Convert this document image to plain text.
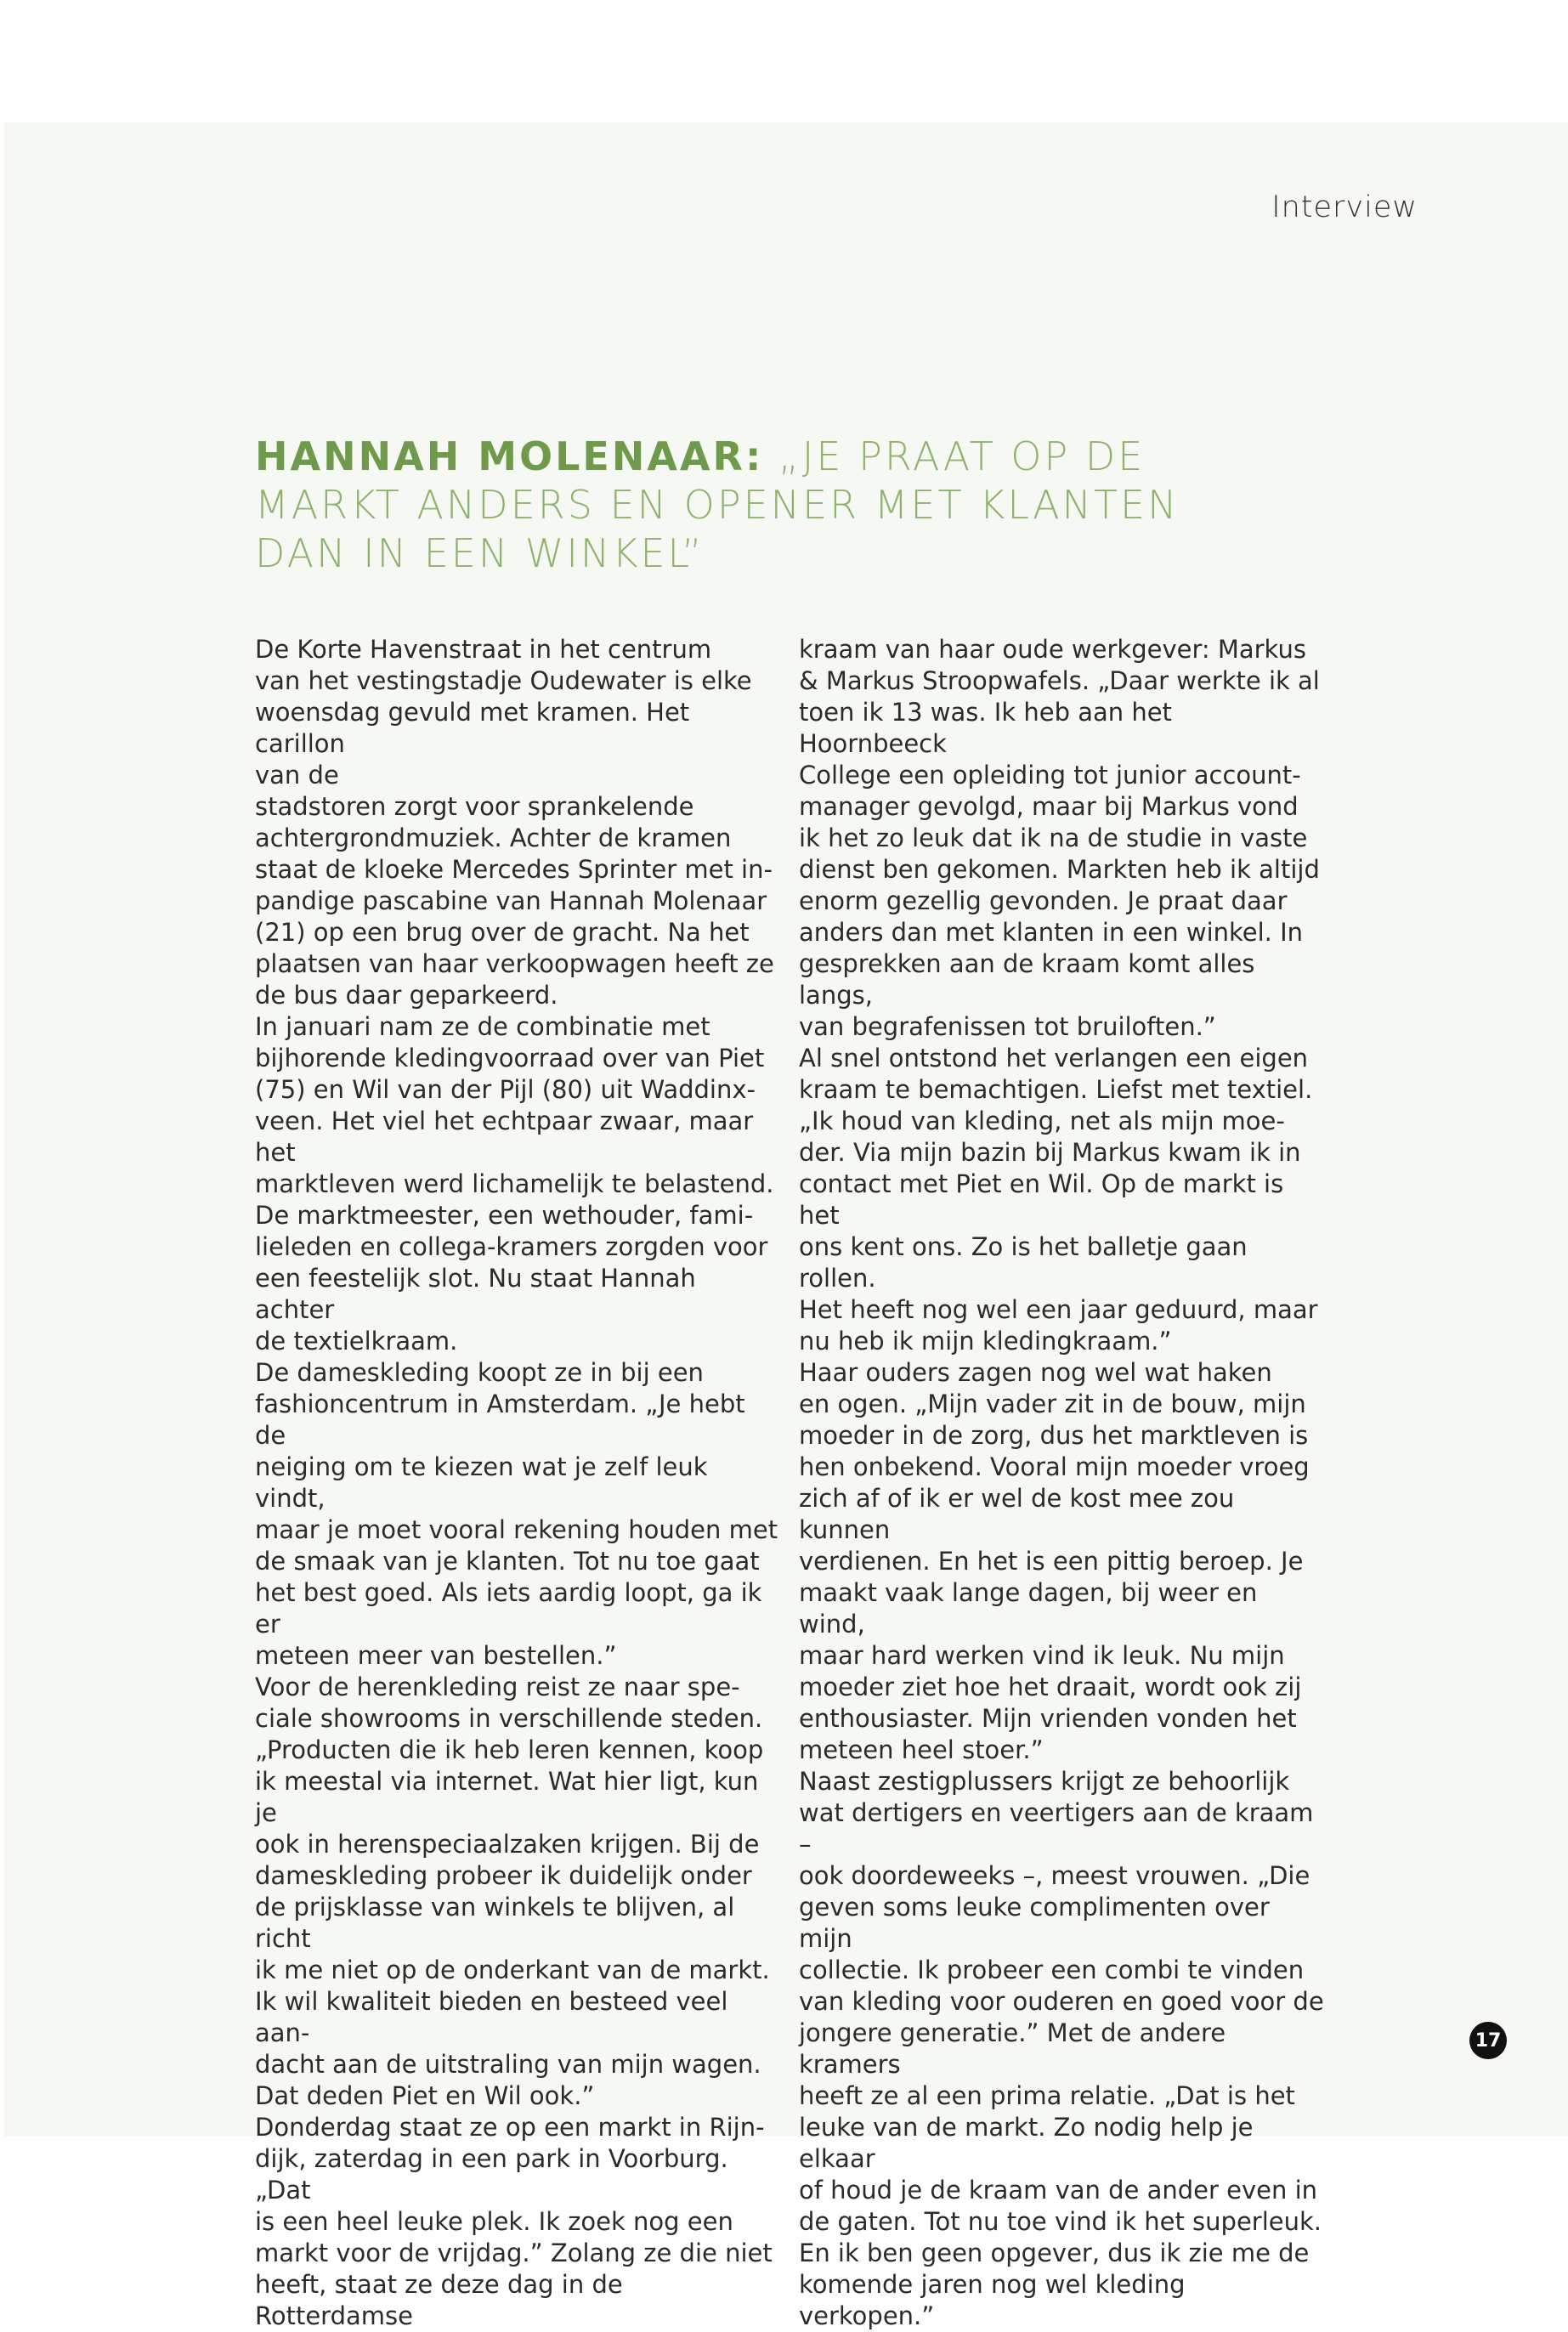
Interview
HANNAH MOLENAAR: „JE PRAAT OP DE MARKT ANDERS EN OPENER MET KLANTEN DAN IN EEN WINKEL”

De Korte Havenstraat in het centrum
van het vestingstadje Oudewater is elke
woensdag gevuld met kramen. Het carillon
van de
stadstoren zorgt voor sprankelende
achtergrondmuziek. Achter de kramen
staat de kloeke Mercedes Sprinter met in-
pandige pascabine van Hannah Molenaar
(21) op een brug over de gracht. Na het
plaatsen van haar verkoopwagen heeft ze
de bus daar geparkeerd.

In januari nam ze de combinatie met
bijhorende kledingvoorraad over van Piet
(75) en Wil van der Pijl (80) uit Waddinx-
veen. Het viel het echtpaar zwaar, maar het
marktleven werd lichamelijk te belastend.
De marktmeester, een wethouder, fami-
lieleden en collega-kramers zorgden voor
een feestelijk slot. Nu staat Hannah achter
de textielkraam.

De dameskleding koopt ze in bij een
fashioncentrum in Amsterdam. „Je hebt de
neiging om te kiezen wat je zelf leuk vindt,
maar je moet vooral rekening houden met
de smaak van je klanten. Tot nu toe gaat
het best goed. Als iets aardig loopt, ga ik er
meteen meer van bestellen.”

Voor de herenkleding reist ze naar spe-
ciale showrooms in verschillende steden.
„Producten die ik heb leren kennen, koop
ik meestal via internet. Wat hier ligt, kun je
ook in herenspeciaalzaken krijgen. Bij de
dameskleding probeer ik duidelijk onder
de prijsklasse van winkels te blijven, al richt
ik me niet op de onderkant van de markt.
Ik wil kwaliteit bieden en besteed veel aan-
dacht aan de uitstraling van mijn wagen.
Dat deden Piet en Wil ook.”

Donderdag staat ze op een markt in Rijn-
dijk, zaterdag in een park in Voorburg. „Dat
is een heel leuke plek. Ik zoek nog een
markt voor de vrijdag.” Zolang ze die niet
heeft, staat ze deze dag in de Rotterdamse

kraam van haar oude werkgever: Markus
& Markus Stroopwafels. „Daar werkte ik al
toen ik 13 was. Ik heb aan het Hoornbeeck
College een opleiding tot junior account-
manager gevolgd, maar bij Markus vond
ik het zo leuk dat ik na de studie in vaste
dienst ben gekomen. Markten heb ik altijd
enorm gezellig gevonden. Je praat daar
anders dan met klanten in een winkel. In
gesprekken aan de kraam komt alles langs,
van begrafenissen tot bruiloften.”

Al snel ontstond het verlangen een eigen
kraam te bemachtigen. Liefst met textiel.
„Ik houd van kleding, net als mijn moe-
der. Via mijn bazin bij Markus kwam ik in
contact met Piet en Wil. Op de markt is het
ons kent ons. Zo is het balletje gaan rollen.
Het heeft nog wel een jaar geduurd, maar
nu heb ik mijn kledingkraam.”

Haar ouders zagen nog wel wat haken
en ogen. „Mijn vader zit in de bouw, mijn
moeder in de zorg, dus het marktleven is
hen onbekend. Vooral mijn moeder vroeg
zich af of ik er wel de kost mee zou kunnen
verdienen. En het is een pittig beroep. Je
maakt vaak lange dagen, bij weer en wind,
maar hard werken vind ik leuk. Nu mijn
moeder ziet hoe het draait, wordt ook zij
enthousiaster. Mijn vrienden vonden het
meteen heel stoer.”

Naast zestigplussers krijgt ze behoorlijk
wat dertigers en veertigers aan de kraam –
ook doordeweeks –, meest vrouwen. „Die
geven soms leuke complimenten over mijn
collectie. Ik probeer een combi te vinden
van kleding voor ouderen en goed voor de
jongere generatie.” Met de andere kramers
heeft ze al een prima relatie. „Dat is het
leuke van de markt. Zo nodig help je elkaar
of houd je de kraam van de ander even in
de gaten. Tot nu toe vind ik het superleuk.
En ik ben geen opgever, dus ik zie me de
komende jaren nog wel kleding verkopen.”

17
